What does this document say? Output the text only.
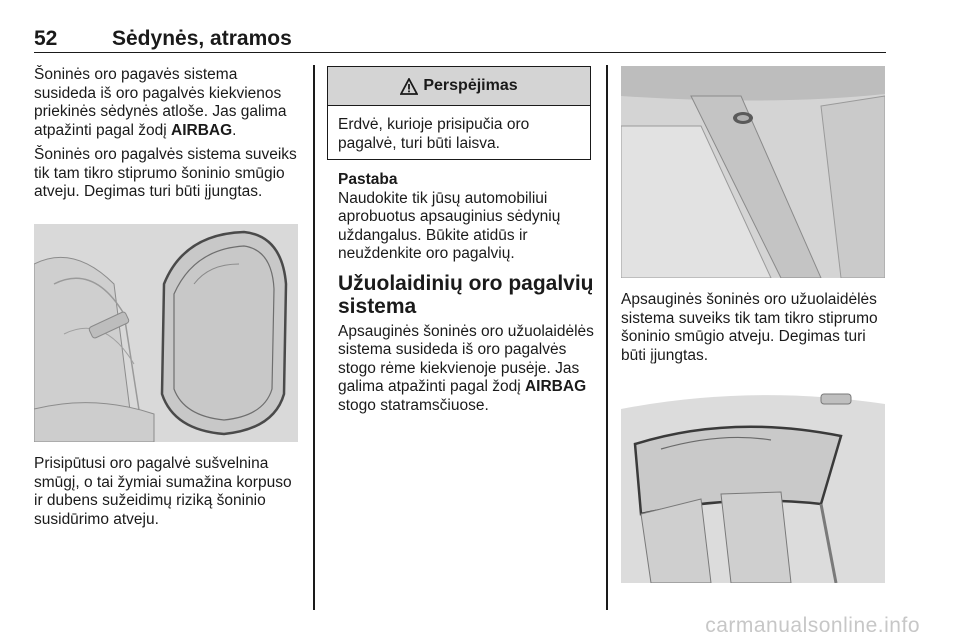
52	Sėdynės, atramos

Šoninės oro pagavės sistema susideda iš oro pagalvės kiekvienos priekinės sėdynės atloše. Jas galima atpažinti pagal žodį AIRBAG.

Šoninės oro pagalvės sistema suveiks tik tam tikro stiprumo šoninio smūgio atveju. Degimas turi būti įjungtas.

Prisipūtusi oro pagalvė sušvelnina smūgį, o tai žymiai sumažina korpuso ir dubens sužeidimų riziką šoninio susidūrimo atveju.

Perspėjimas
Erdvė, kurioje prisipučia oro pagalvė, turi būti laisva.
Pastaba

Naudokite tik jūsų automobiliui aprobuotus apsauginius sėdynių uždangalus. Būkite atidūs ir neuždenkite oro pagalvių.

Užuolaidinių oro pagalvių sistema

Apsauginės šoninės oro užuolaidėlės sistema susideda iš oro pagalvės stogo rėme kiekvienoje pusėje. Jas galima atpažinti pagal žodį AIRBAG stogo statramsčiuose.

Apsauginės šoninės oro užuolaidėlės sistema suveiks tik tam tikro stiprumo šoninio smūgio atveju. Degimas turi būti įjungtas.

carmanualsonline.info
